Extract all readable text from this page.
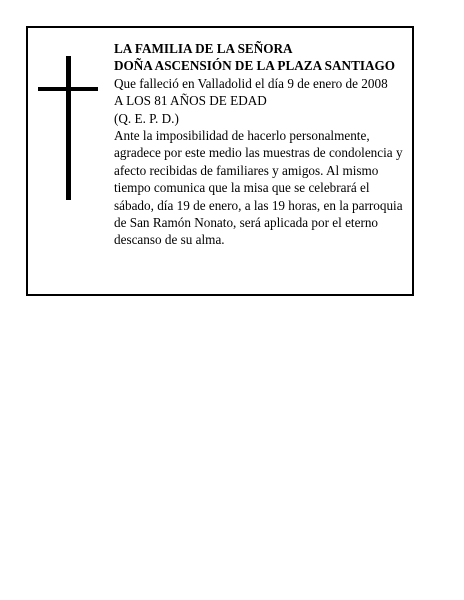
LA FAMILIA DE LA SEÑORA
DOÑA ASCENSIÓN DE LA PLAZA SANTIAGO
Que falleció en Valladolid el día 9 de enero de 2008
A LOS 81 AÑOS DE EDAD
(Q. E. P. D.)
Ante la imposibilidad de hacerlo personalmente,
agradece por este medio las muestras de condolencia y
afecto recibidas de familiares y amigos. Al mismo
tiempo comunica que la misa que se celebrará el
sábado, día 19 de enero, a las 19 horas, en la parroquia
de San Ramón Nonato, será aplicada por el eterno
descanso de su alma.
